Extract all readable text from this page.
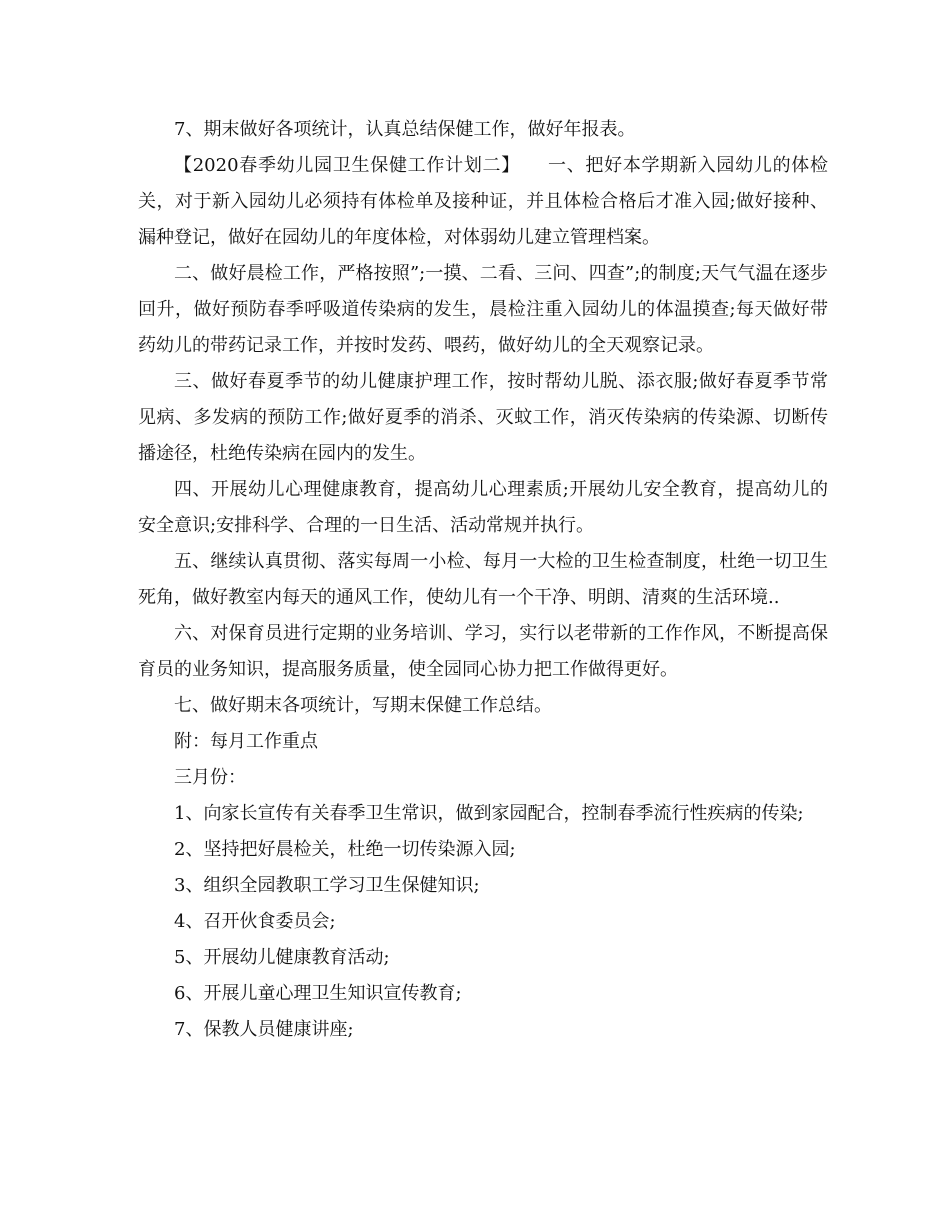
7、期末做好各项统计，认真总结保健工作，做好年报表。

【2020春季幼儿园卫生保健工作计划二】 一、把好本学期新入园幼儿的体检关，对于新入园幼儿必须持有体检单及接种证，并且体检合格后才准入园;做好接种、漏种登记，做好在园幼儿的年度体检，对体弱幼儿建立管理档案。

二、做好晨检工作，严格按照”;一摸、二看、三问、四查”;的制度;天气气温在逐步回升，做好预防春季呼吸道传染病的发生，晨检注重入园幼儿的体温摸查;每天做好带药幼儿的带药记录工作，并按时发药、喂药，做好幼儿的全天观察记录。

三、做好春夏季节的幼儿健康护理工作，按时帮幼儿脱、添衣服;做好春夏季节常见病、多发病的预防工作;做好夏季的消杀、灭蚊工作，消灭传染病的传染源、切断传播途径，杜绝传染病在园内的发生。

四、开展幼儿心理健康教育，提高幼儿心理素质;开展幼儿安全教育，提高幼儿的安全意识;安排科学、合理的一日生活、活动常规并执行。

五、继续认真贯彻、落实每周一小检、每月一大检的卫生检查制度，杜绝一切卫生死角，做好教室内每天的通风工作，使幼儿有一个干净、明朗、清爽的生活环境..

六、对保育员进行定期的业务培训、学习，实行以老带新的工作作风，不断提高保育员的业务知识，提高服务质量，使全园同心协力把工作做得更好。

七、做好期末各项统计，写期末保健工作总结。

附：每月工作重点

三月份：

1、向家长宣传有关春季卫生常识，做到家园配合，控制春季流行性疾病的传染;

2、坚持把好晨检关，杜绝一切传染源入园;

3、组织全园教职工学习卫生保健知识;

4、召开伙食委员会;

5、开展幼儿健康教育活动;

6、开展儿童心理卫生知识宣传教育;

7、保教人员健康讲座;
